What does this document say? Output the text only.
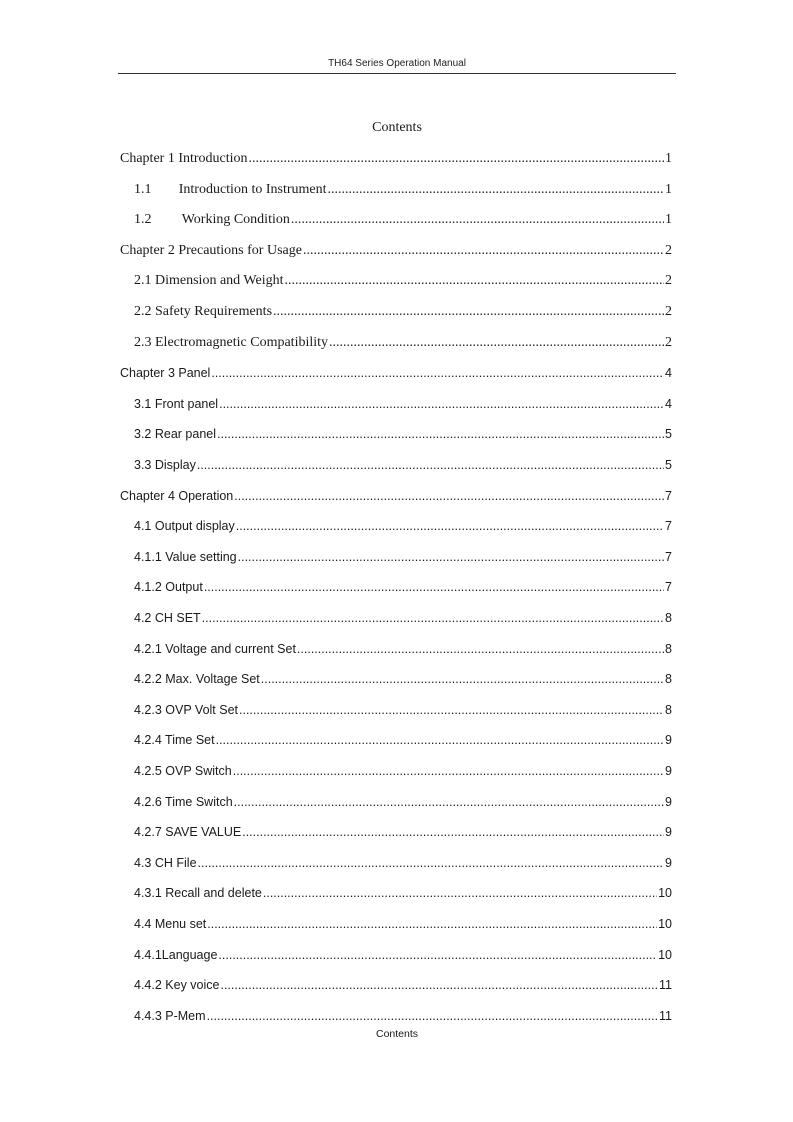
TH64 Series Operation Manual
Contents
Chapter 1 Introduction .....	1
1.1 Introduction to Instrument .....	1
1.2 Working Condition .....	1
Chapter 2 Precautions for Usage .....	2
2.1 Dimension and Weight .....	2
2.2 Safety Requirements .....	2
2.3 Electromagnetic Compatibility .....	2
Chapter 3 Panel .....	4
3.1 Front panel .....	4
3.2 Rear panel .....	5
3.3 Display .....	5
Chapter 4 Operation .....	7
4.1 Output display .....	7
4.1.1 Value setting .....	7
4.1.2 Output .....	7
4.2 CH SET .....	8
4.2.1 Voltage and current Set .....	8
4.2.2 Max. Voltage Set .....	8
4.2.3 OVP Volt Set .....	8
4.2.4 Time Set .....	9
4.2.5 OVP Switch .....	9
4.2.6 Time Switch .....	9
4.2.7 SAVE VALUE .....	9
4.3 CH File .....	9
4.3.1 Recall and delete .....	10
4.4 Menu set .....	10
4.4.1Language .....	10
4.4.2 Key voice .....	11
4.4.3 P-Mem .....	11
Contents
